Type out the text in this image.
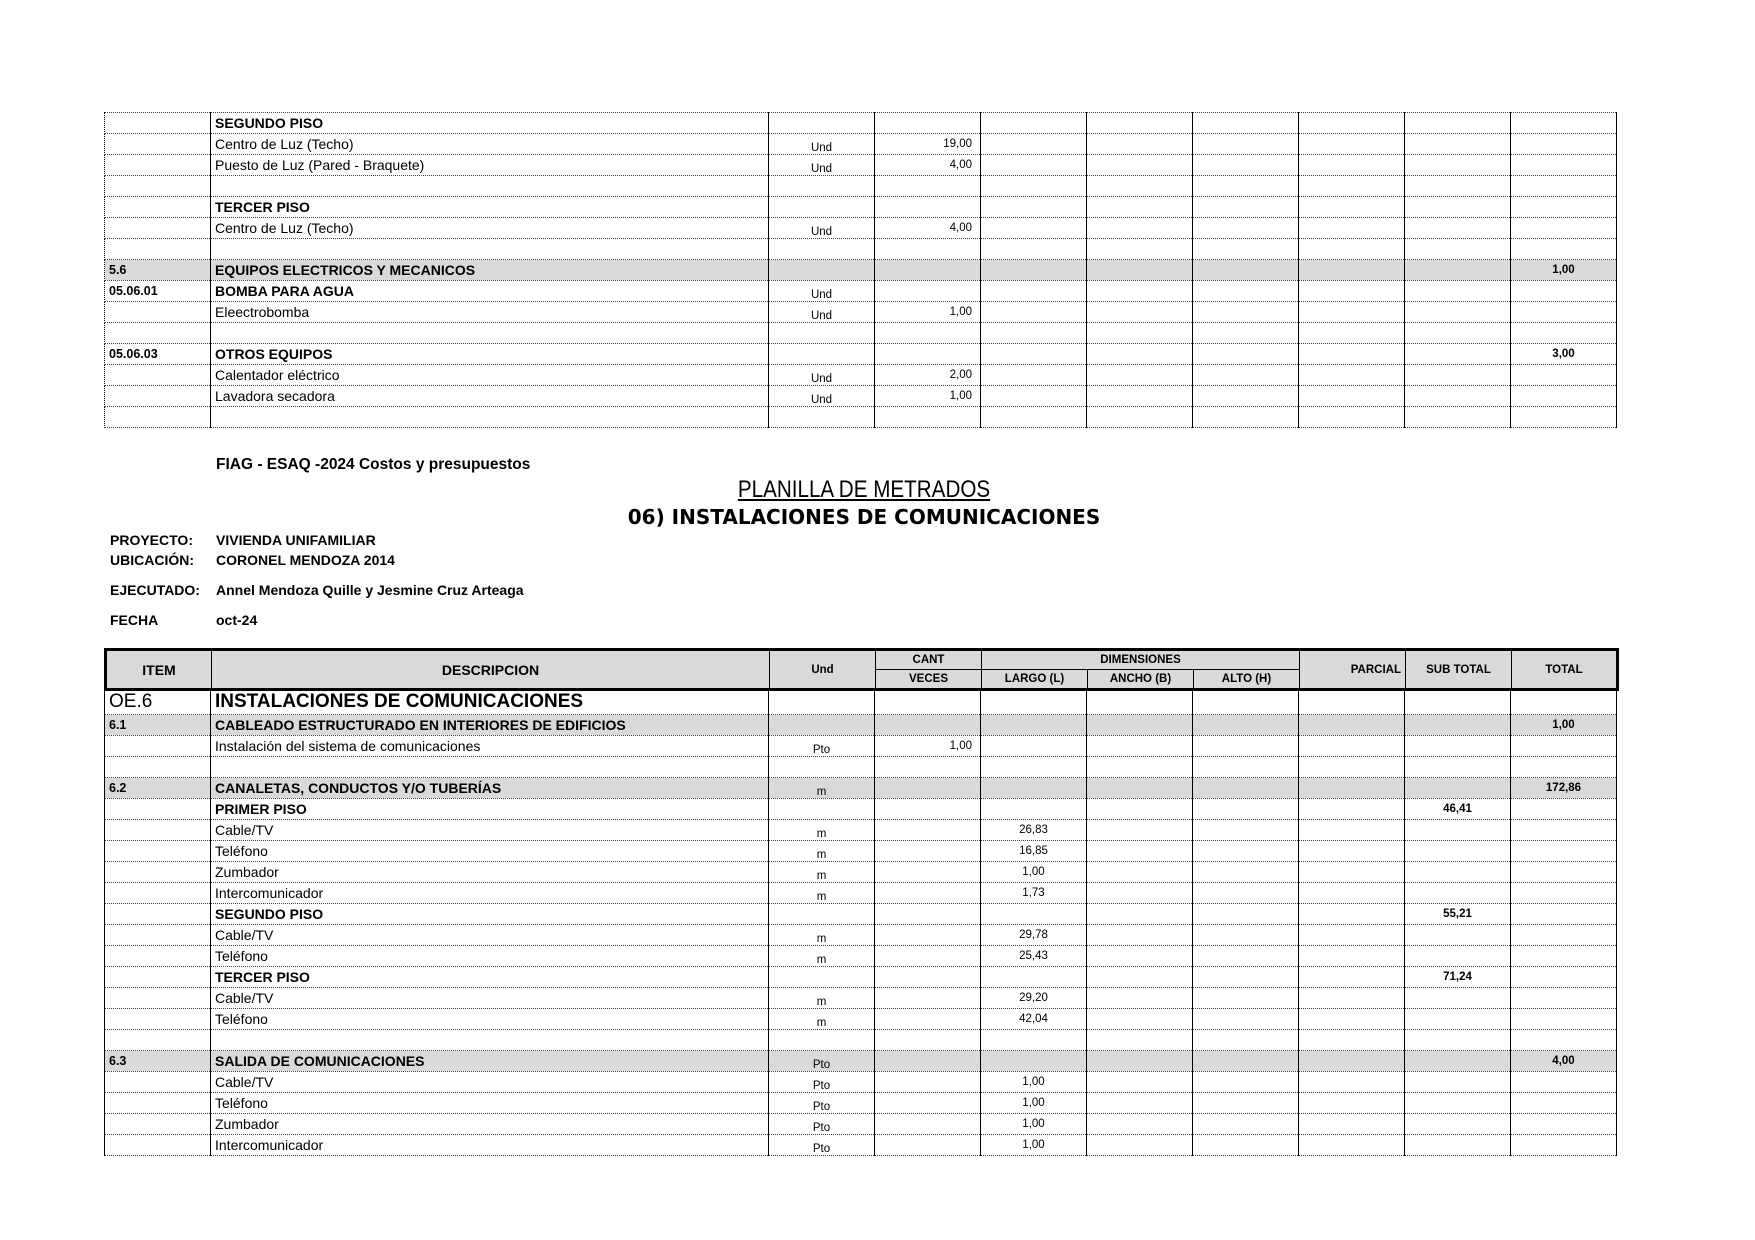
	SEGUNDO PISO								
	Centro de Luz (Techo)	Und	19,00						
	Puesto de Luz (Pared - Braquete)	Und	4,00						

	TERCER PISO								
	Centro de Luz (Techo)	Und	4,00						

5.6	EQUIPOS ELECTRICOS Y MECANICOS								1,00
05.06.01	BOMBA PARA AGUA	Und							
	Eleectrobomba	Und	1,00						

05.06.03	OTROS EQUIPOS								3,00
	Calentador eléctrico	Und	2,00						
	Lavadora secadora	Und	1,00						

FIAG - ESAQ -2024 Costos y presupuestos
PLANILLA DE METRADOS
06) INSTALACIONES DE COMUNICACIONES
PROYECTO: VIVIENDA UNIFAMILIAR
UBICACIÓN: CORONEL MENDOZA 2014
EJECUTADO: Annel Mendoza Quille y Jesmine Cruz Arteaga
FECHA	oct-24
ITEM	DESCRIPCION	Und	CANT	DIMENSIONES			PARCIAL	SUB TOTAL	TOTAL
			VECES	LARGO (L)	ANCHO (B)	ALTO (H)			
OE.6	INSTALACIONES DE COMUNICACIONES								
6.1	CABLEADO ESTRUCTURADO EN INTERIORES DE EDIFICIOS								1,00
	Instalación del sistema de comunicaciones	Pto	1,00						

6.2	CANALETAS, CONDUCTOS Y/O TUBERÍAS	m							172,86
	PRIMER PISO							46,41	
	Cable/TV	m		26,83					
	Teléfono	m		16,85					
	Zumbador	m		1,00					
	Intercomunicador	m		1,73					
	SEGUNDO PISO							55,21	
	Cable/TV	m		29,78					
	Teléfono	m		25,43					
	TERCER PISO							71,24	
	Cable/TV	m		29,20					
	Teléfono	m		42,04					

6.3	SALIDA DE COMUNICACIONES	Pto							4,00
	Cable/TV	Pto		1,00					
	Teléfono	Pto		1,00					
	Zumbador	Pto		1,00					
	Intercomunicador	Pto		1,00					
